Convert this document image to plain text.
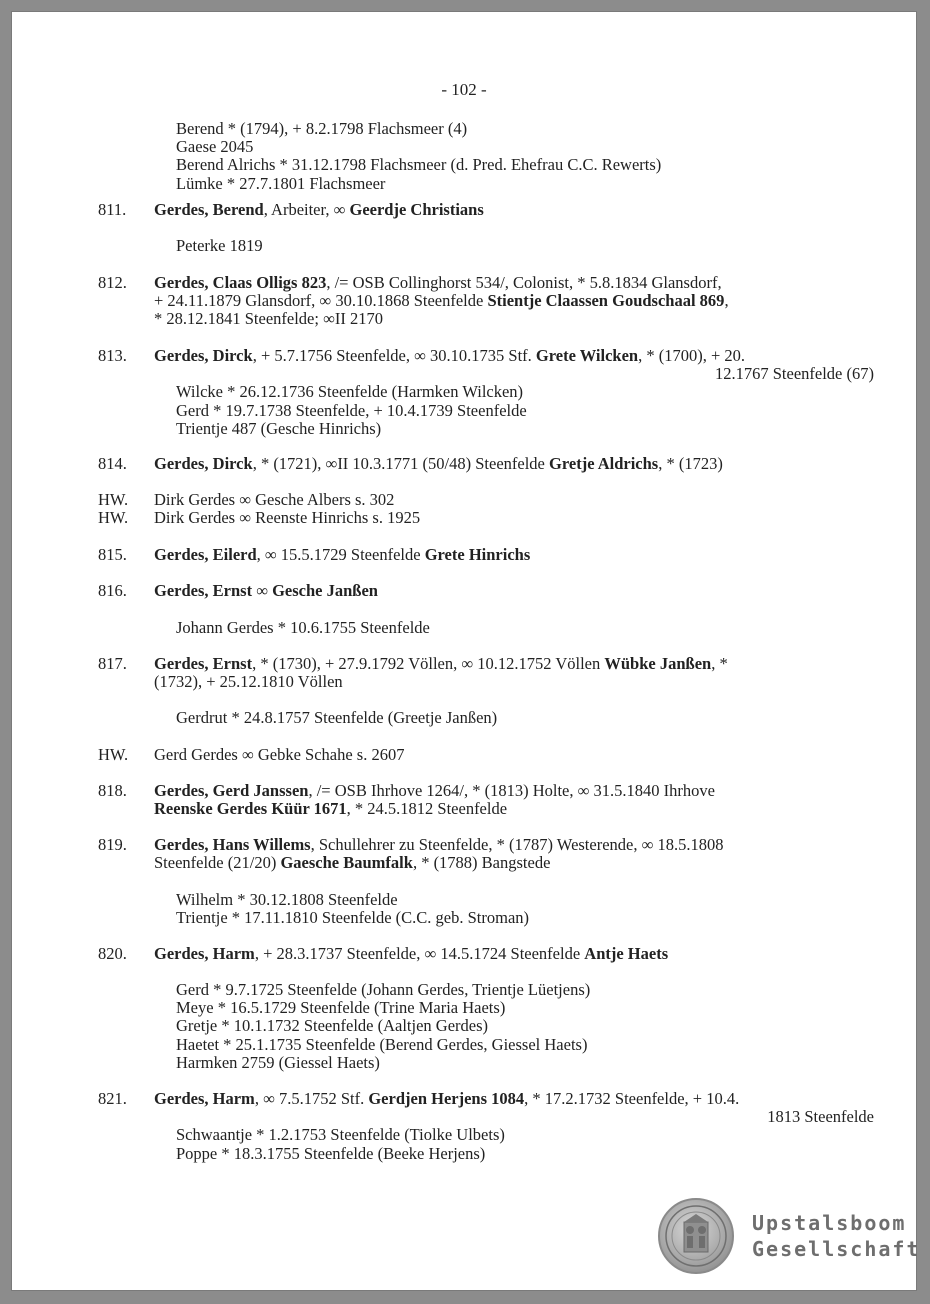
- 102 -
Berend * (1794), + 8.2.1798 Flachsmeer (4)
Gaese 2045
Berend Alrichs * 31.12.1798 Flachsmeer (d. Pred. Ehefrau C.C. Rewerts)
Lümke * 27.7.1801 Flachsmeer
811. Gerdes, Berend, Arbeiter, ∞ Geerdje Christians
Peterke 1819
812. Gerdes, Claas Olligs 823, /= OSB Collinghorst 534/, Colonist, * 5.8.1834 Glansdorf,
+ 24.11.1879 Glansdorf, ∞ 30.10.1868 Steenfelde Stientje Claassen Goudschaal 869,
* 28.12.1841 Steenfelde; ∞II 2170
813. Gerdes, Dirck, + 5.7.1756 Steenfelde, ∞ 30.10.1735 Stf. Grete Wilcken, * (1700), + 20.
12.1767 Steenfelde (67)
Wilcke * 26.12.1736 Steenfelde (Harmken Wilcken)
Gerd * 19.7.1738 Steenfelde, + 10.4.1739 Steenfelde
Trientje 487 (Gesche Hinrichs)
814. Gerdes, Dirck, * (1721), ∞II 10.3.1771 (50/48) Steenfelde Gretje Aldrichs, * (1723)
HW. Dirk Gerdes ∞ Gesche Albers s. 302
HW. Dirk Gerdes ∞ Reenste Hinrichs s. 1925
815. Gerdes, Eilerd, ∞ 15.5.1729 Steenfelde Grete Hinrichs
816. Gerdes, Ernst ∞ Gesche Janßen
Johann Gerdes * 10.6.1755 Steenfelde
817. Gerdes, Ernst, * (1730), + 27.9.1792 Völlen, ∞ 10.12.1752 Völlen Wübke Janßen, *
(1732), + 25.12.1810 Völlen
Gerdrut * 24.8.1757 Steenfelde (Greetje Janßen)
HW. Gerd Gerdes ∞ Gebke Schahe s. 2607
818. Gerdes, Gerd Janssen, /= OSB Ihrhove 1264/, * (1813) Holte, ∞ 31.5.1840 Ihrhove
Reenske Gerdes Küür 1671, * 24.5.1812 Steenfelde
819. Gerdes, Hans Willems, Schullehrer zu Steenfelde, * (1787) Westerende, ∞ 18.5.1808
Steenfelde (21/20) Gaesche Baumfalk, * (1788) Bangstede
Wilhelm * 30.12.1808 Steenfelde
Trientje * 17.11.1810 Steenfelde (C.C. geb. Stroman)
820. Gerdes, Harm, + 28.3.1737 Steenfelde, ∞ 14.5.1724 Steenfelde Antje Haets
Gerd * 9.7.1725 Steenfelde (Johann Gerdes, Trientje Lüetjens)
Meye * 16.5.1729 Steenfelde (Trine Maria Haets)
Gretje * 10.1.1732 Steenfelde (Aaltjen Gerdes)
Haetet * 25.1.1735 Steenfelde (Berend Gerdes, Giessel Haets)
Harmken 2759 (Giessel Haets)
821. Gerdes, Harm, ∞ 7.5.1752 Stf. Gerdjen Herjens 1084, * 17.2.1732 Steenfelde, + 10.4.
1813 Steenfelde
Schwaantje * 1.2.1753 Steenfelde (Tiolke Ulbets)
Poppe * 18.3.1755 Steenfelde (Beeke Herjens)
Upstalsboom
Gesellschaft
